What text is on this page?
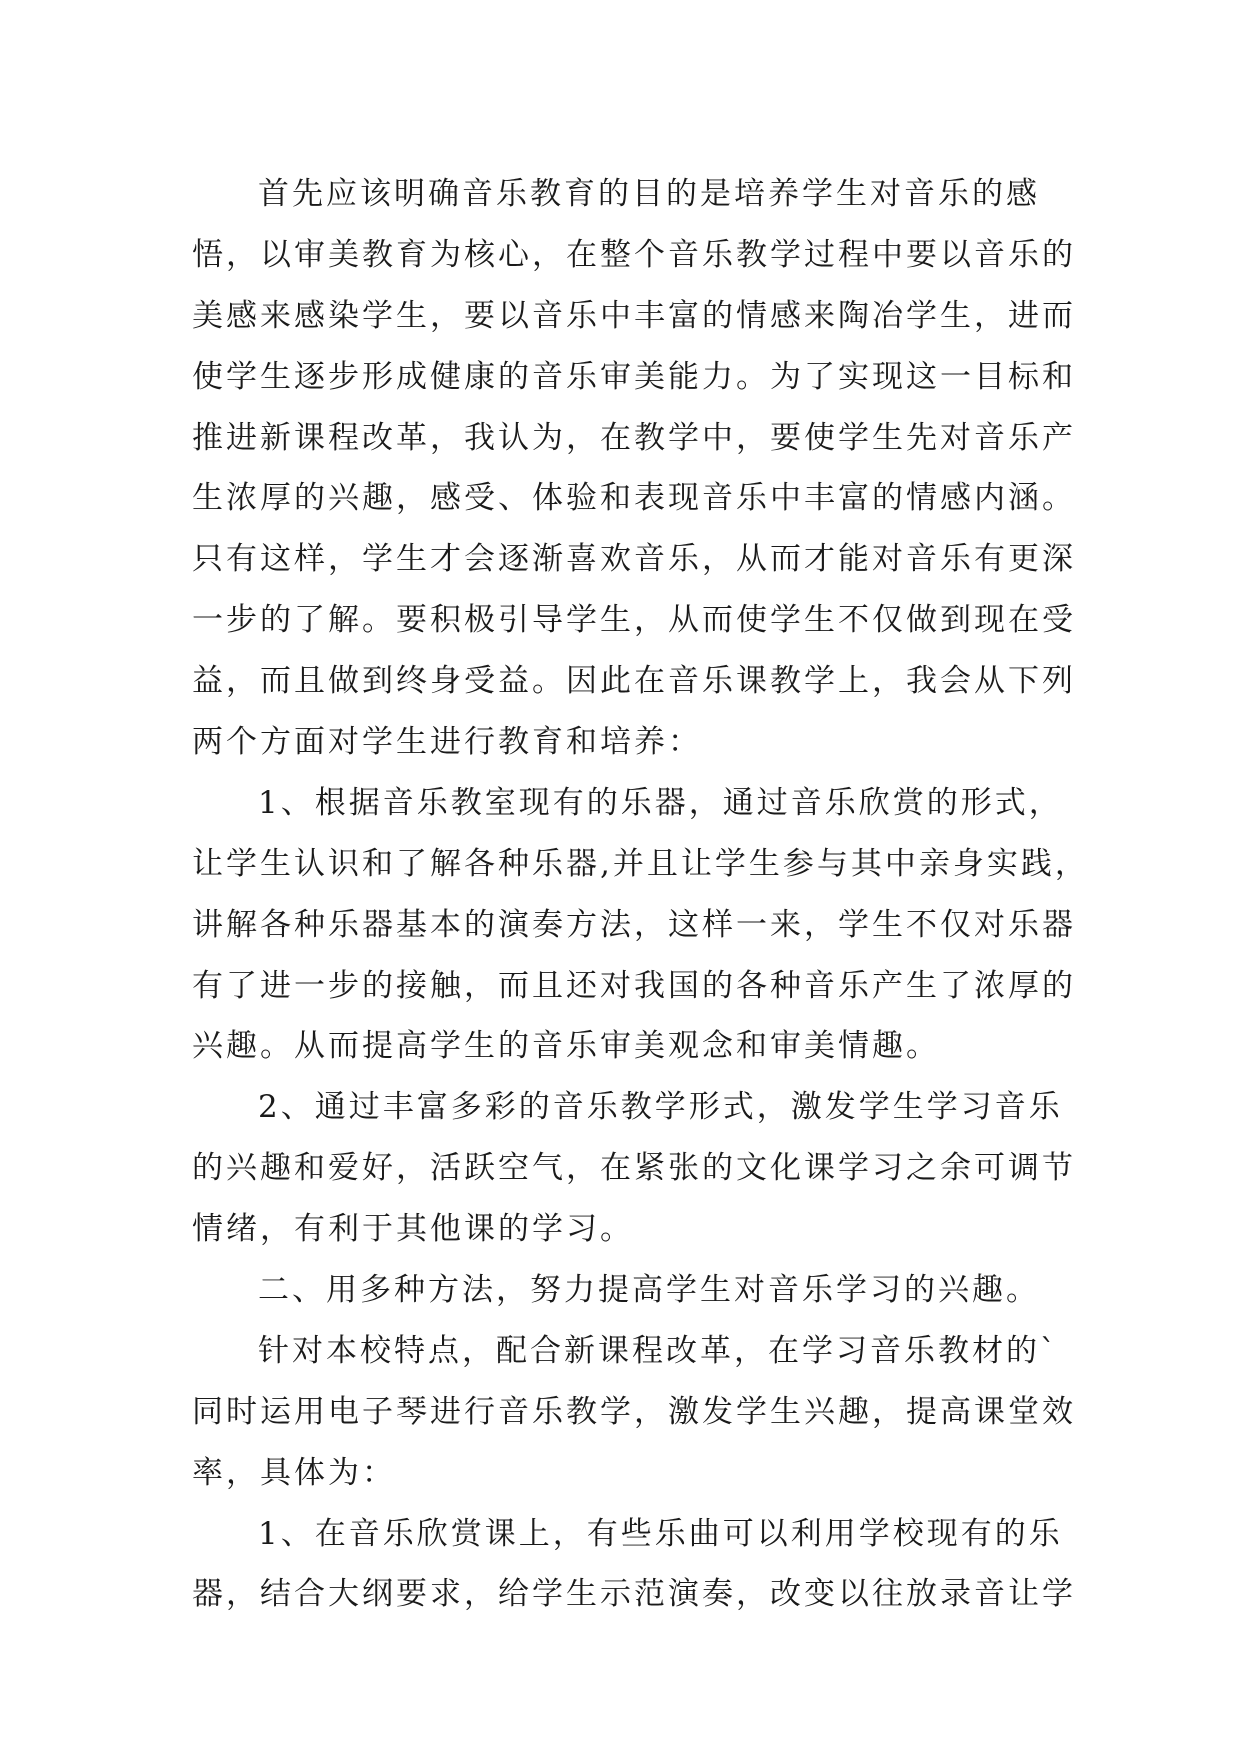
首先应该明确音乐教育的目的是培养学生对音乐的感
悟，以审美教育为核心，在整个音乐教学过程中要以音乐的
美感来感染学生，要以音乐中丰富的情感来陶冶学生，进而
使学生逐步形成健康的音乐审美能力。为了实现这一目标和
推进新课程改革，我认为，在教学中，要使学生先对音乐产
生浓厚的兴趣，感受、体验和表现音乐中丰富的情感内涵。
只有这样，学生才会逐渐喜欢音乐，从而才能对音乐有更深
一步的了解。要积极引导学生，从而使学生不仅做到现在受
益，而且做到终身受益。因此在音乐课教学上，我会从下列
两个方面对学生进行教育和培养：
1、根据音乐教室现有的乐器，通过音乐欣赏的形式，
让学生认识和了解各种乐器,并且让学生参与其中亲身实践，
讲解各种乐器基本的演奏方法，这样一来，学生不仅对乐器
有了进一步的接触，而且还对我国的各种音乐产生了浓厚的
兴趣。从而提高学生的音乐审美观念和审美情趣。
2、通过丰富多彩的音乐教学形式，激发学生学习音乐
的兴趣和爱好，活跃空气，在紧张的文化课学习之余可调节
情绪，有利于其他课的学习。
二、用多种方法，努力提高学生对音乐学习的兴趣。
针对本校特点，配合新课程改革，在学习音乐教材的`
同时运用电子琴进行音乐教学，激发学生兴趣，提高课堂效
率，具体为：
1、在音乐欣赏课上，有些乐曲可以利用学校现有的乐
器，结合大纲要求，给学生示范演奏，改变以往放录音让学
